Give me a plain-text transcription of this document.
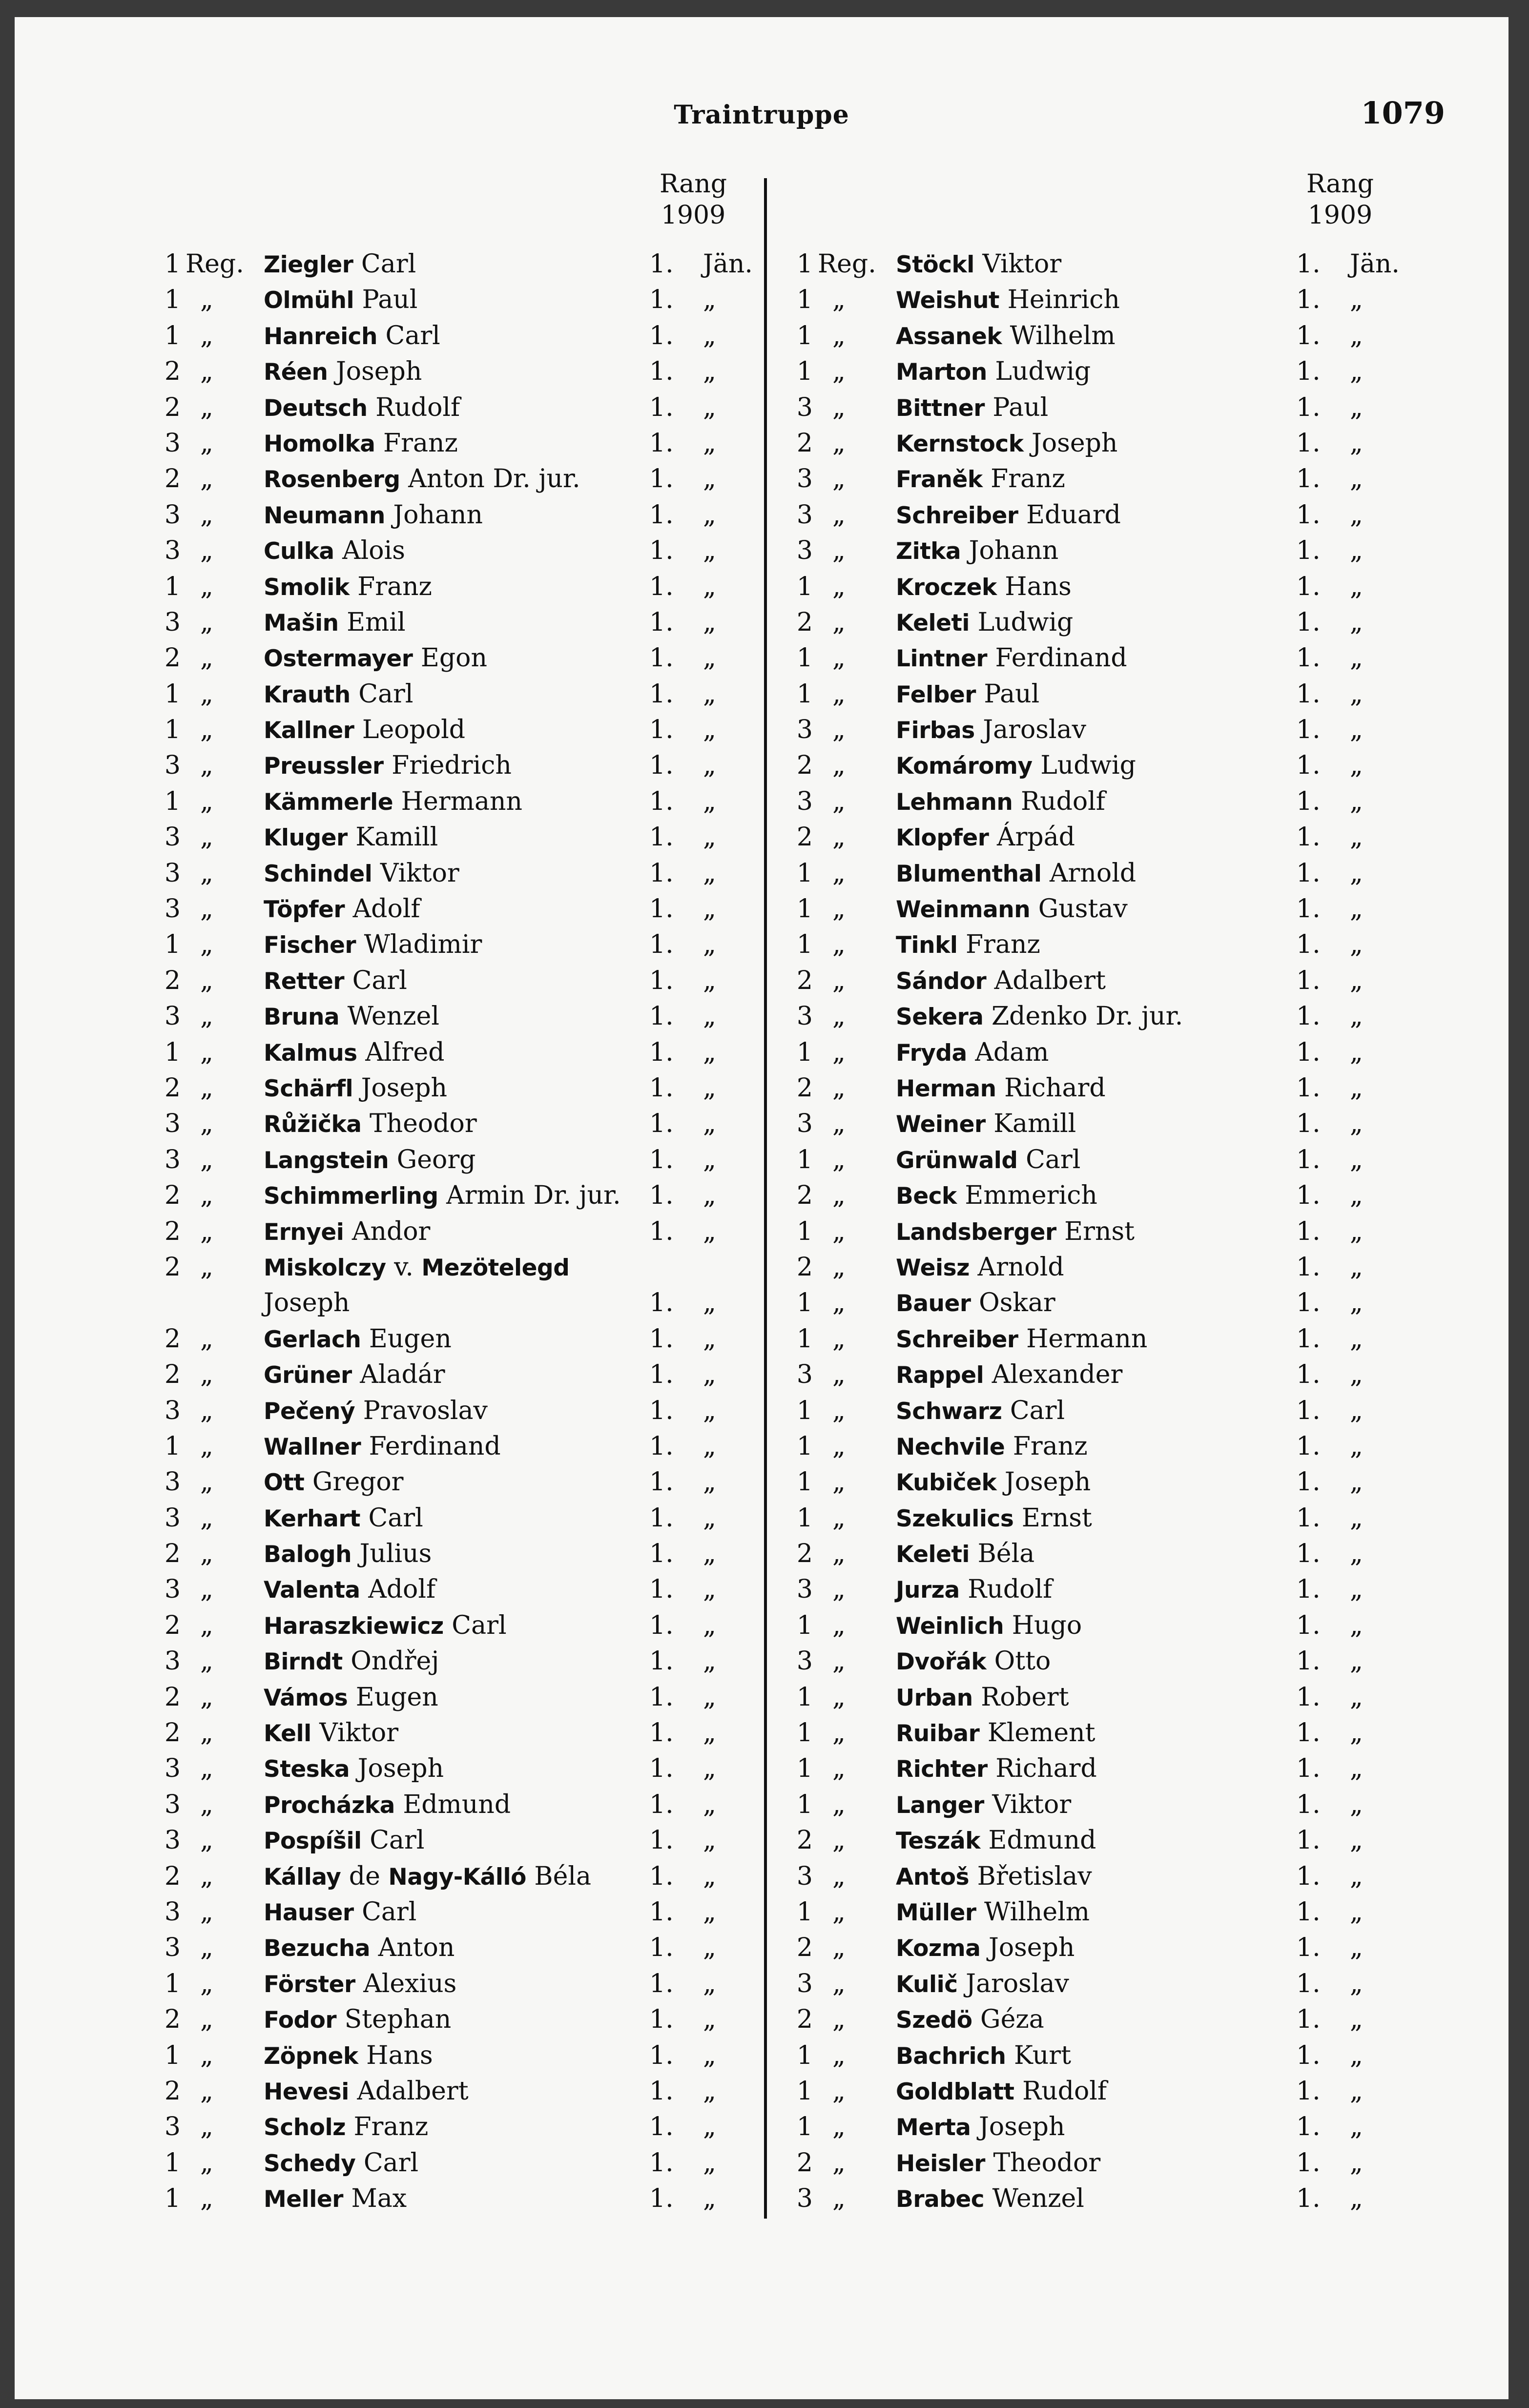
Traintruppe	1079
Rang
1909
Rang
1909
1 Reg. Ziegler Carl	1. Jän.
1 „	Olmühl Paul	1. „
1 „	Hanreich Carl	1. „
2 „	Réen Joseph	1. „
2 „	Deutsch Rudolf	1. „
3 „	Homolka Franz	1. „
2 „	Rosenberg Anton Dr. jur.	1. „
3 „	Neumann Johann	1. „
3 „	Culka Alois	1. „
1 „	Smolik Franz	1. „
3 „	Mašin Emil	1. „
2 „	Ostermayer Egon	1. „
1 „	Krauth Carl	1. „
1 „	Kallner Leopold	1. „
3 „	Preussler Friedrich	1. „
1 „	Kämmerle Hermann	1. „
3 „	Kluger Kamill	1. „
3 „	Schindel Viktor	1. „
3 „	Töpfer Adolf	1. „
1 „	Fischer Wladimir	1. „
2 „	Retter Carl	1. „
3 „	Bruna Wenzel	1. „
1 „	Kalmus Alfred	1. „
2 „	Schärfl Joseph	1. „
3 „	Růžička Theodor	1. „
3 „	Langstein Georg	1. „
2 „	Schimmerling Armin Dr. jur. 1. „
2 „	Ernyei Andor	1. „
2 „	Miskolczy v. Mezötelegd
Joseph	1. „
2 „	Gerlach Eugen	1. „
2 „	Grüner Aladár	1. „
3 „	Pečený Pravoslav	1. „
1 „	Wallner Ferdinand	1. „
3 „	Ott Gregor	1. „
3 „	Kerhart Carl	1. „
2 „	Balogh Julius	1. „
3 „	Valenta Adolf	1. „
2 „	Haraszkiewicz Carl	1. „
3 „	Birndt Ondřej	1. „
2 „	Vámos Eugen	1. „
2 „	Kell Viktor	1. „
3 „	Steska Joseph	1. „
3 „	Procházka Edmund	1. „
3 „	Pospíšil Carl	1. „
2 „	Kállay de Nagy-Kálló Béla 1. „
3 „	Hauser Carl	1. „
3 „	Bezucha Anton	1. „
1 „	Förster Alexius	1. „
2 „	Fodor Stephan	1. „
1 „	Zöpnek Hans	1. „
2 „	Hevesi Adalbert	1. „
3 „	Scholz Franz	1. „
1 „	Schedy Carl	1. „
1 „	Meller Max	1. „
1 Reg. Stöckl Viktor	1. Jän.
1 „	Weishut Heinrich	1. „
1 „	Assanek Wilhelm	1. „
1 „	Marton Ludwig	1. „
3 „	Bittner Paul	1. „
2 „	Kernstock Joseph	1. „
3 „	Franěk Franz	1. „
3 „	Schreiber Eduard	1. „
3 „	Zitka Johann	1. „
1 „	Kroczek Hans	1. „
2 „	Keleti Ludwig	1. „
1 „	Lintner Ferdinand	1. „
1 „	Felber Paul	1. „
3 „	Firbas Jaroslav	1. „
2 „	Komáromy Ludwig	1. „
3 „	Lehmann Rudolf	1. „
2 „	Klopfer Árpád	1. „
1 „	Blumenthal Arnold	1. „
1 „	Weinmann Gustav	1. „
1 „	Tinkl Franz	1. „
2 „	Sándor Adalbert	1. „
3 „	Sekera Zdenko Dr. jur.	1. „
1 „	Fryda Adam	1. „
2 „	Herman Richard	1. „
3 „	Weiner Kamill	1. „
1 „	Grünwald Carl	1. „
2 „	Beck Emmerich	1. „
1 „	Landsberger Ernst	1. „
2 „	Weisz Arnold	1. „
1 „	Bauer Oskar	1. „
1 „	Schreiber Hermann	1. „
3 „	Rappel Alexander	1. „
1 „	Schwarz Carl	1. „
1 „	Nechvile Franz	1. „
1 „	Kubiček Joseph	1. „
1 „	Szekulics Ernst	1. „
2 „	Keleti Béla	1. „
3 „	Jurza Rudolf	1. „
1 „	Weinlich Hugo	1. „
3 „	Dvořák Otto	1. „
1 „	Urban Robert	1. „
1 „	Ruibar Klement	1. „
1 „	Richter Richard	1. „
1 „	Langer Viktor	1. „
2 „	Teszák Edmund	1. „
3 „	Antoš Břetislav	1. „
1 „	Müller Wilhelm	1. „
2 „	Kozma Joseph	1. „
3 „	Kulič Jaroslav	1. „
2 „	Szedö Géza	1. „
1 „	Bachrich Kurt	1. „
1 „	Goldblatt Rudolf	1. „
1 „	Merta Joseph	1. „
2 „	Heisler Theodor	1. „
3 „	Brabec Wenzel	1. „
